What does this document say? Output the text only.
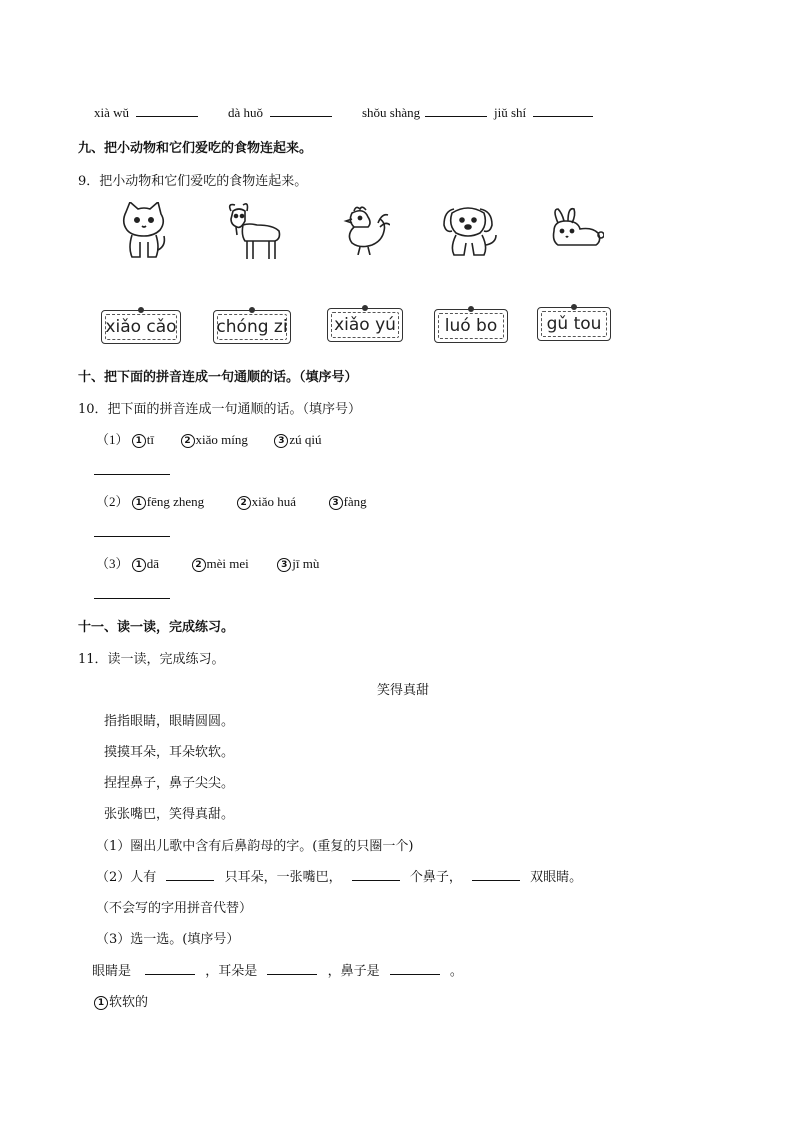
xià wǔ	dà huǒ	shǒu shàng	jiǔ shí
九、把小动物和它们爱吃的食物连起来。
9．把小动物和它们爱吃的食物连起来。
xiǎo cǎo chóng zi	xiǎo yú	luó bo	gǔ tou
十、把下面的拼音连成一句通顺的话。（填序号）
10．把下面的拼音连成一句通顺的话。（填序号）
（1） 1 tī	2 xiǎo míng	3 zú qiú
（2） 1 fēng zheng	2 xiǎo huá	3 fàng
（3） 1 dā	2 mèi mei	3 jī mù
十一、读一读，完成练习。
11．读一读，完成练习。
笑得真甜
指指眼睛，眼睛圆圆。
摸摸耳朵，耳朵软软。
捏捏鼻子，鼻子尖尖。
张张嘴巴，笑得真甜。
（1）圈出儿歌中含有后鼻韵母的字。(重复的只圈一个)
（2）人有	只耳朵，一张嘴巴，	个鼻子，	双眼睛。
（不会写的字用拼音代替）
（3）选一选。(填序号）
眼睛是	，耳朵是	，鼻子是	。
1 软软的
